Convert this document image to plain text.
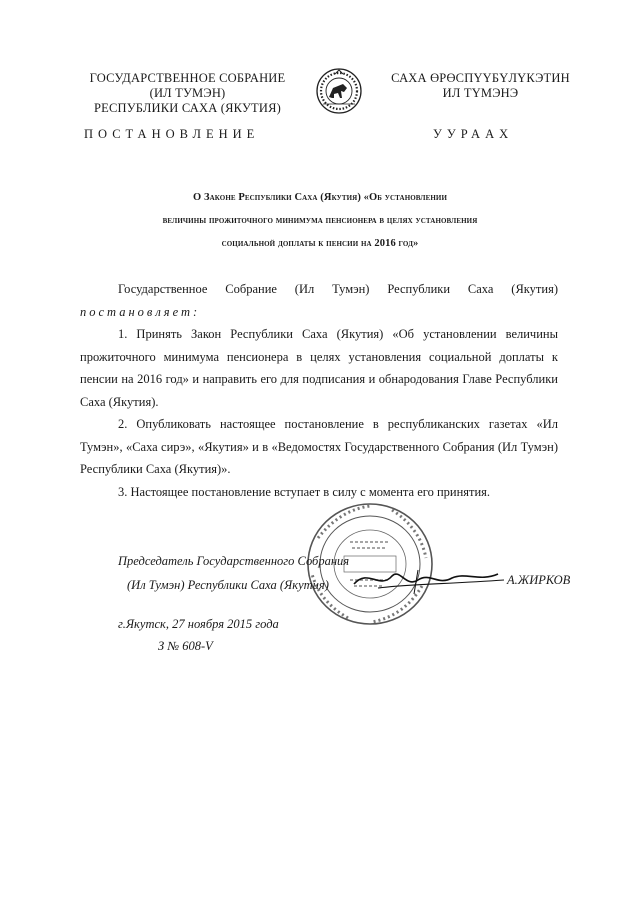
ГОСУДАРСТВЕННОЕ СОБРАНИЕ
(ИЛ ТУМЭН)
РЕСПУБЛИКИ САХА (ЯКУТИЯ)
САХА ӨРӨСПҮҮБҮЛҮКЭТИН
ИЛ ТҮМЭНЭ
ПОСТАНОВЛЕНИЕ	УУРААХ
О Законе Республики Саха (Якутия) «Об установлении
величины прожиточного минимума пенсионера в целях установления
социальной доплаты к пенсии на 2016 год»
Государственное Собрание (Ил Тумэн) Республики Саха (Якутия)
постановляет:
1. Принять Закон Республики Саха (Якутия) «Об установлении величины прожиточного минимума пенсионера в целях установления социальной доплаты к пенсии на 2016 год» и направить его для подписания и обнародования Главе Республики Саха (Якутия).
2. Опубликовать настоящее постановление в республиканских газетах «Ил Тумэн», «Саха сирэ», «Якутия» и в «Ведомостях Государственного Собрания (Ил Тумэн) Республики Саха (Якутия)».
3. Настоящее постановление вступает в силу с момента его принятия.
Председатель Государственного Собрания
(Ил Тумэн) Республики Саха (Якутия)	А.ЖИРКОВ
г.Якутск, 27 ноября 2015 года
З № 608-V
